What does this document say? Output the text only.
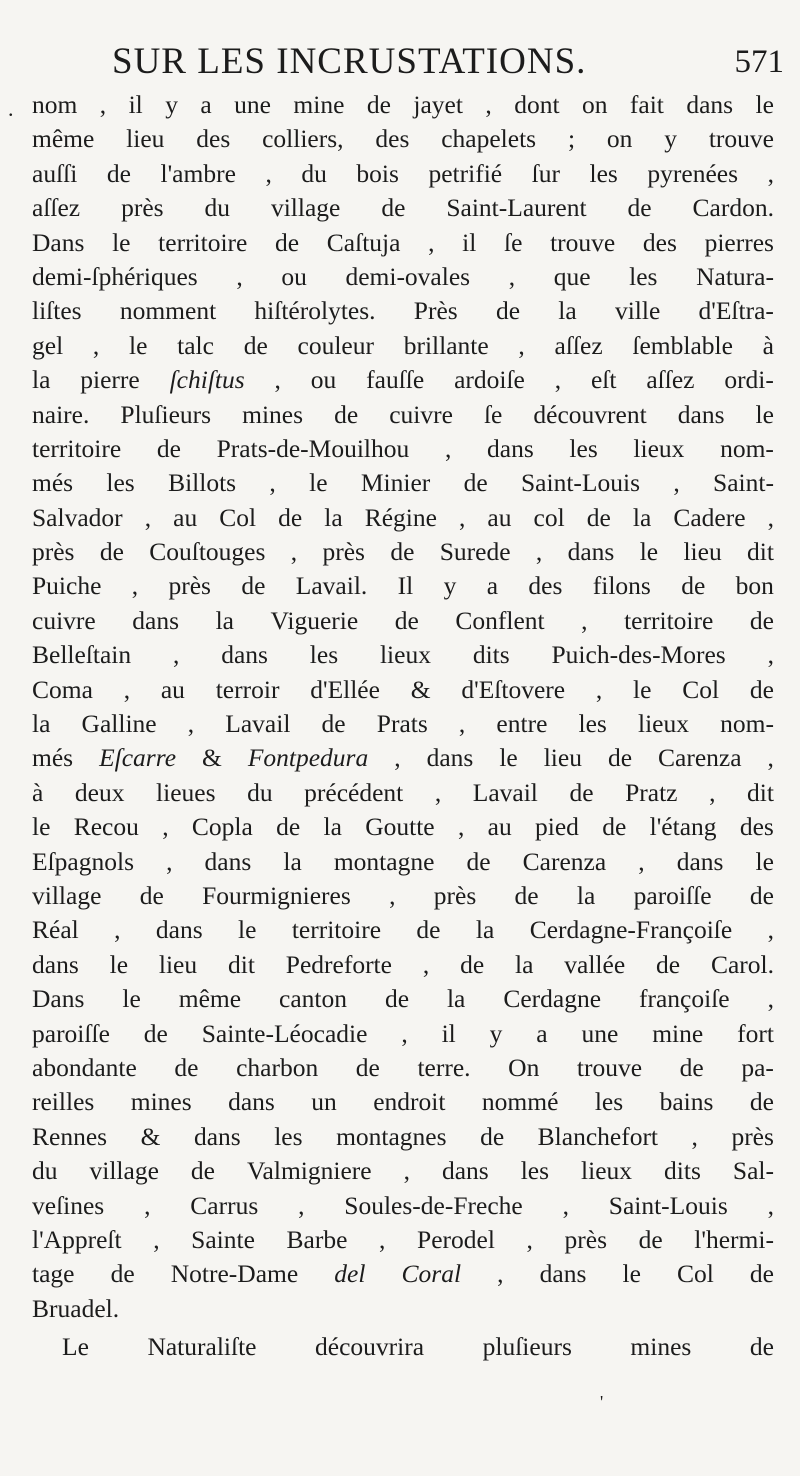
SUR LES INCRUSTATIONS.	571
. nom , il y a une mine de jayet , dont on fait dans le
même lieu des colliers, des chapelets ; on y trouve
auſſi de l'ambre , du bois petrifié ſur les pyrenées ,
aſſez près du village de Saint-Laurent de Cardon.
Dans le territoire de Caſtuja , il ſe trouve des pierres
demi-ſphériques , ou demi-ovales , que les Natura-
liſtes nomment hiſtérolytes. Près de la ville d'Eſtra-
gel , le talc de couleur brillante , aſſez ſemblable à
la pierre ſchiſtus , ou fauſſe ardoiſe , eſt aſſez ordi-
naire. Pluſieurs mines de cuivre ſe découvrent dans le
territoire de Prats-de-Mouilhou , dans les lieux nom-
més les Billots , le Minier de Saint-Louis , Saint-
Salvador , au Col de la Régine , au col de la Cadere ,
près de Couſtouges , près de Surede , dans le lieu dit
Puiche , près de Lavail. Il y a des filons de bon
cuivre dans la Viguerie de Conflent , territoire de
Belleſtain , dans les lieux dits Puich-des-Mores ,
Coma , au terroir d'Ellée & d'Eſtovere , le Col de
la Galline , Lavail de Prats , entre les lieux nom-
més Eſcarre & Fontpedura , dans le lieu de Carenza ,
à deux lieues du précédent , Lavail de Pratz , dit
le Recou , Copla de la Goutte , au pied de l'étang des
Eſpagnols , dans la montagne de Carenza , dans le
village de Fourmignieres , près de la paroiſſe de
Réal , dans le territoire de la Cerdagne-Françoiſe ,
dans le lieu dit Pedreforte , de la vallée de Carol.
Dans le même canton de la Cerdagne françoiſe ,
paroiſſe de Sainte-Léocadie , il y a une mine fort
abondante de charbon de terre. On trouve de pa-
reilles mines dans un endroit nommé les bains de
Rennes & dans les montagnes de Blanchefort , près
du village de Valmigniere , dans les lieux dits Sal-
veſines , Carrus , Soules-de-Freche , Saint-Louis ,
l'Appreſt , Sainte Barbe , Perodel , près de l'hermi-
tage de Notre-Dame del Coral , dans le Col de
Bruadel.
Le Naturaliſte découvrira pluſieurs mines de
'
